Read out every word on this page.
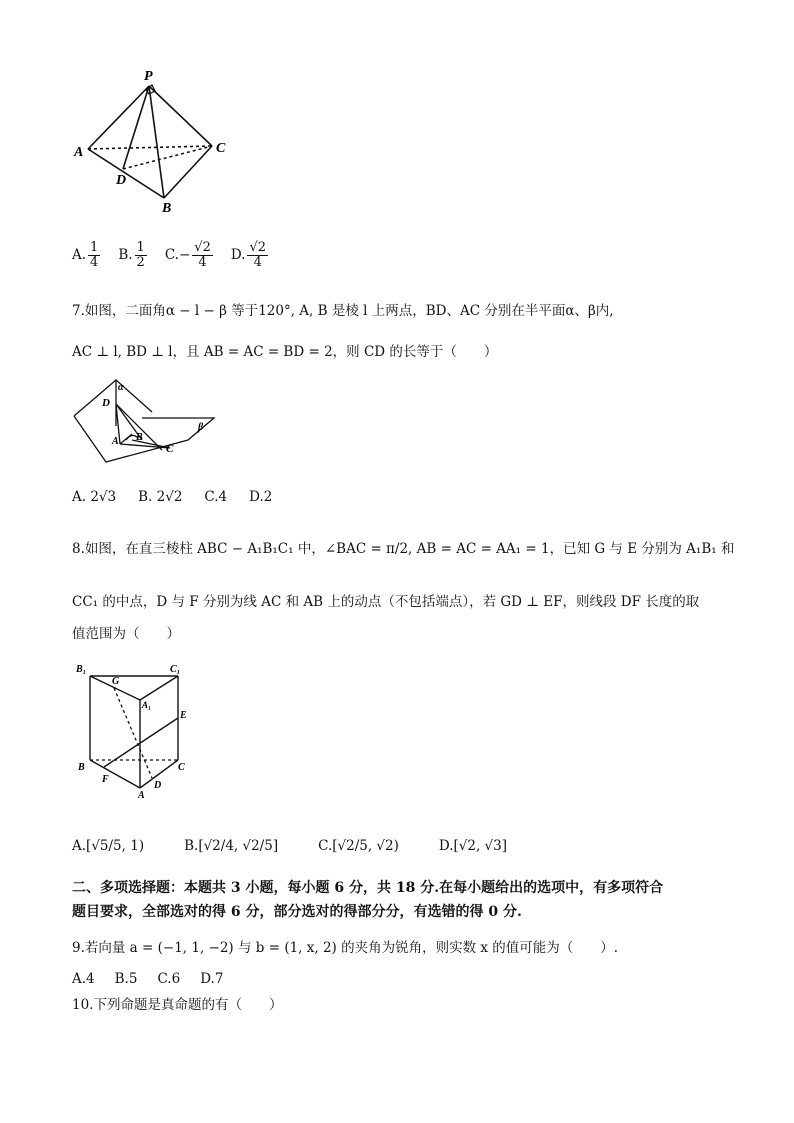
P
A	C
D
B
A. $\frac{1}{4} B$. $\frac{1}{2} C.- \frac{√2}{4} D$. $\frac{√2}{4}$
7.如图，二面角α − l − β 等于120°, A, B 是棱 l 上两点，BD、AC 分别在半平面α、β内,
AC ⊥ l, BD ⊥ l，且 AB = AC = BD = 2，则 CD 的长等于（　　）
α
D
A B
C
β
A. 2√3 B. 2√2 C.4 D.2
8.如图，在直三棱柱 ABC − A₁B₁C₁ 中，∠BAC = π/2, AB = AC = AA₁ = 1，已知 G 与 E 分别为 A₁B₁ 和
CC₁ 的中点，D 与 F 分别为线 AC 和 AB 上的动点（不包括端点），若 GD ⊥ EF，则线段 DF 长度的取
值范围为（　　）
B₁	C₁
G
A₁
E
B	C
F
D
A
A. [√5/5, 1)	B. [√2/4, √2/5]	C. [√2/5, √2)	D. [√2, √3]
二、多项选择题：本题共 3 小题，每小题 6 分，共 18 分.在每小题给出的选项中，有多项符合
题目要求，全部选对的得 6 分，部分选对的得部分分，有选错的得 0 分.
9.若向量 a = (−1, 1, −2) 与 b = (1, x, 2) 的夹角为锐角，则实数 x 的值可能为（　　）.
A.4 B.5 C.6 D.7
10.下列命题是真命题的有（　　）
